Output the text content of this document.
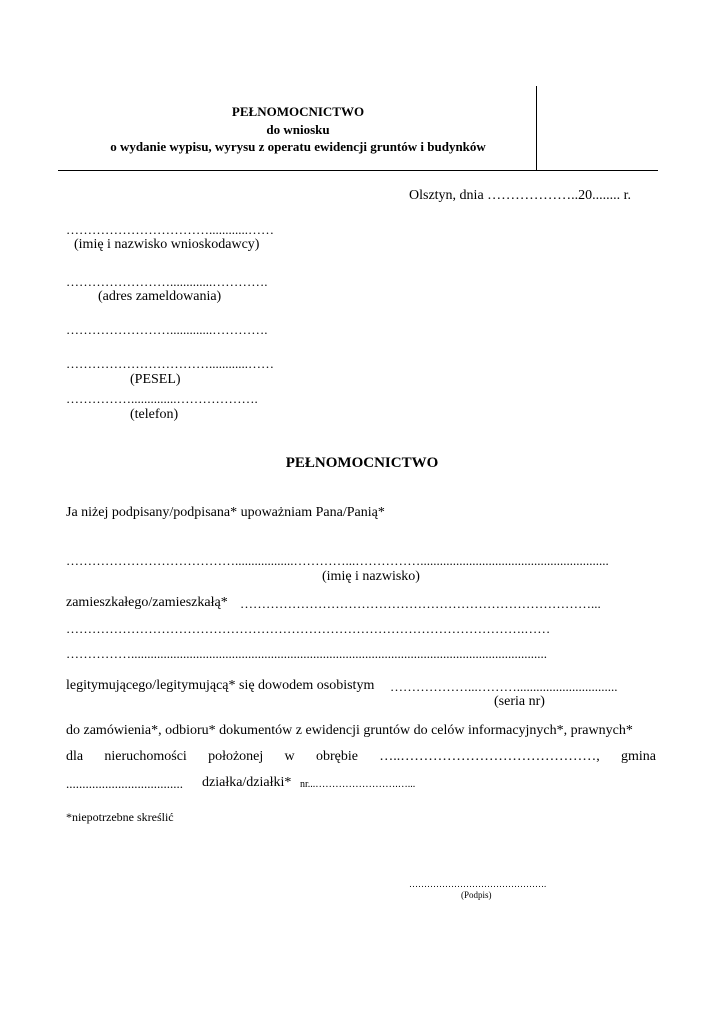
PEŁNOMOCNICTWO
do wniosku
o wydanie wypisu, wyrysu z operatu ewidencji gruntów i budynków
Olsztyn, dnia ………………..20........ r.
……………………………............……
(imię i nazwisko wnioskodawcy)
…………………….............………….
(adres zameldowania)
…………………….............………….
……………………………............……
(PESEL)
……………..............……………….
(telefon)
PEŁNOMOCNICTWO
Ja niżej podpisany/podpisana* upoważniam Pana/Panią*
…………………………………..................…………...……………..........................................................
(imię i nazwisko)
zamieszkałego/zamieszkałą* ………………………………………………………………………...
…………………………………………………………………………………………….……
……………................................................................................................................................
legitymującego/legitymującą* się dowodem osobistym ………………...………...............................
(seria nr)
do zamówienia*, odbioru* dokumentów z ewidencji gruntów do celów informacyjnych*, prawnych*
dla nieruchomości położonej w obrębie …..……………………………………, gmina
.................................... działka/działki* nr...…………………….…...
*niepotrzebne skreślić
……………………………………….
(Podpis)
